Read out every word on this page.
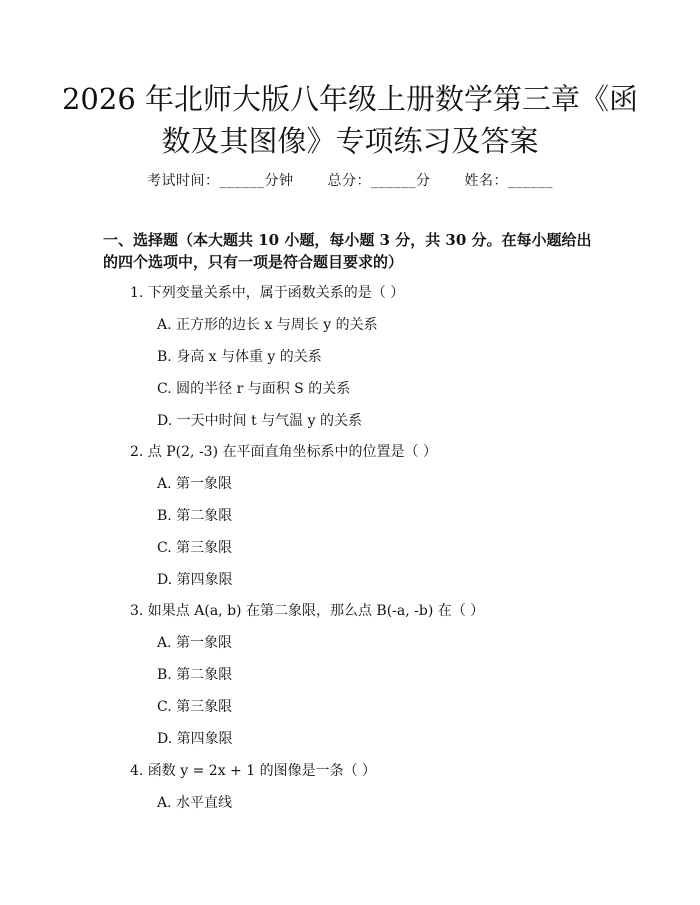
2026 年北师大版八年级上册数学第三章《函数及其图像》专项练习及答案
考试时间：______分钟 总分：______分 姓名：______
一、选择题（本大题共 10 小题，每小题 3 分，共 30 分。在每小题给出的四个选项中，只有一项是符合题目要求的）
1. 下列变量关系中，属于函数关系的是（ ）
A. 正方形的边长 x 与周长 y 的关系
B. 身高 x 与体重 y 的关系
C. 圆的半径 r 与面积 S 的关系
D. 一天中时间 t 与气温 y 的关系
2. 点 P(2, -3) 在平面直角坐标系中的位置是（ ）
A. 第一象限
B. 第二象限
C. 第三象限
D. 第四象限
3. 如果点 A(a, b) 在第二象限，那么点 B(-a, -b) 在（ ）
A. 第一象限
B. 第二象限
C. 第三象限
D. 第四象限
4. 函数 y = 2x + 1 的图像是一条（ ）
A. 水平直线
